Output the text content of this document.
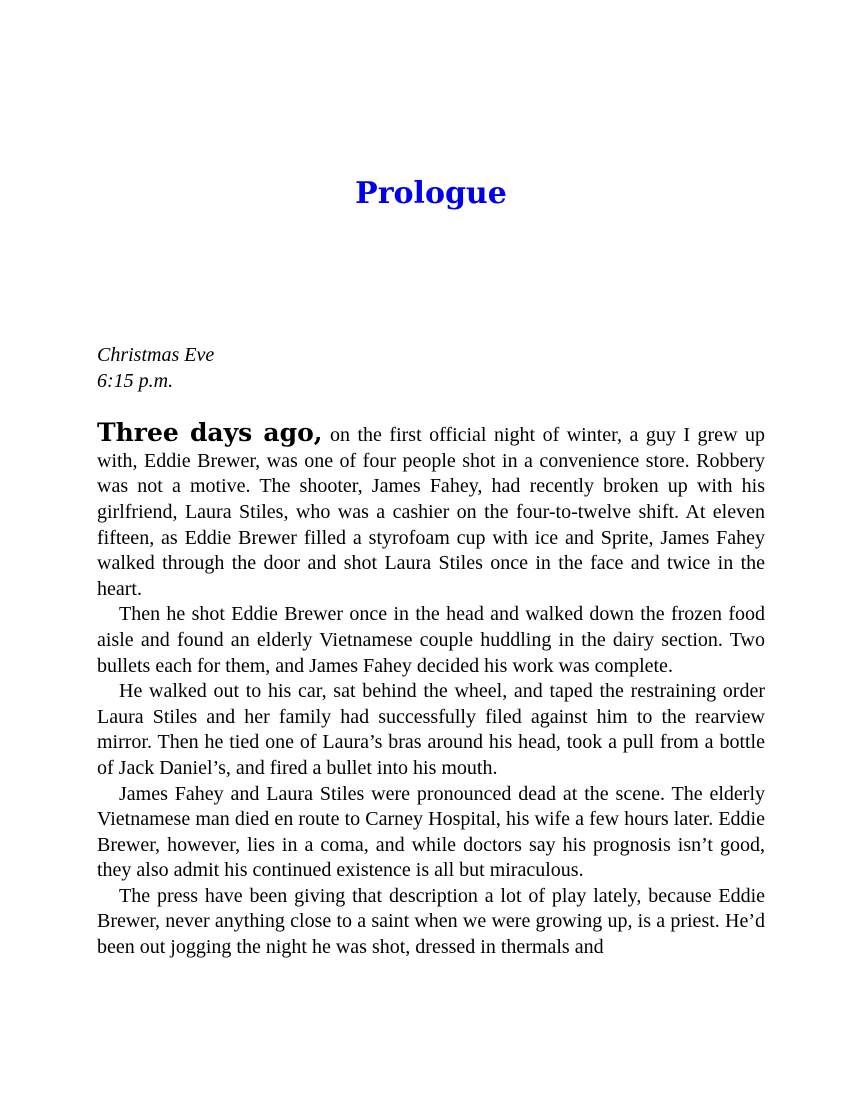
Prologue
Christmas Eve
6:15 p.m.

Three days ago, on the first official night of winter, a guy I grew up with, Eddie Brewer, was one of four people shot in a convenience store. Robbery was not a motive. The shooter, James Fahey, had recently broken up with his girlfriend, Laura Stiles, who was a cashier on the four-to-twelve shift. At eleven fifteen, as Eddie Brewer filled a styrofoam cup with ice and Sprite, James Fahey walked through the door and shot Laura Stiles once in the face and twice in the heart.

Then he shot Eddie Brewer once in the head and walked down the frozen food aisle and found an elderly Vietnamese couple huddling in the dairy section. Two bullets each for them, and James Fahey decided his work was complete.

He walked out to his car, sat behind the wheel, and taped the restraining order Laura Stiles and her family had successfully filed against him to the rearview mirror. Then he tied one of Laura’s bras around his head, took a pull from a bottle of Jack Daniel’s, and fired a bullet into his mouth.

James Fahey and Laura Stiles were pronounced dead at the scene. The elderly Vietnamese man died en route to Carney Hospital, his wife a few hours later. Eddie Brewer, however, lies in a coma, and while doctors say his prognosis isn’t good, they also admit his continued existence is all but miraculous.

The press have been giving that description a lot of play lately, because Eddie Brewer, never anything close to a saint when we were growing up, is a priest. He’d been out jogging the night he was shot, dressed in thermals and
